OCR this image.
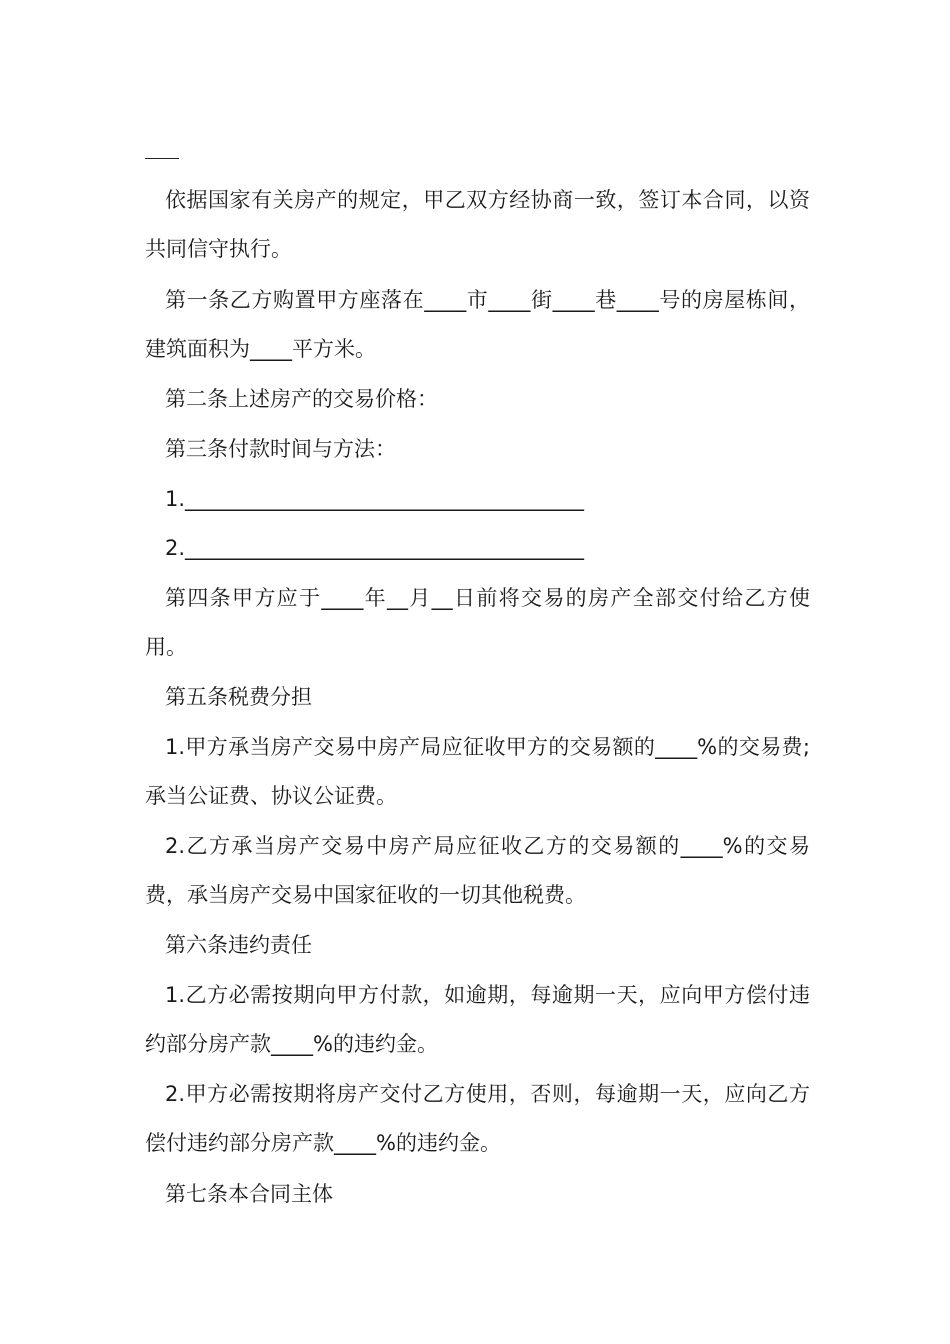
依据国家有关房产的规定，甲乙双方经协商一致，签订本合同，以资共同信守执行。

第一条乙方购置甲方座落在____市____街____巷____号的房屋栋间，建筑面积为____平方米。

第二条上述房产的交易价格：

第三条付款时间与方法：

1.______________________________________

2.______________________________________

第四条甲方应于____年__月__日前将交易的房产全部交付给乙方使用。

第五条税费分担

1.甲方承当房产交易中房产局应征收甲方的交易额的____%的交易费;承当公证费、协议公证费。

2.乙方承当房产交易中房产局应征收乙方的交易额的____%的交易费，承当房产交易中国家征收的一切其他税费。

第六条违约责任

1.乙方必需按期向甲方付款，如逾期，每逾期一天，应向甲方偿付违约部分房产款____%的违约金。

2.甲方必需按期将房产交付乙方使用，否则，每逾期一天，应向乙方偿付违约部分房产款____%的违约金。

第七条本合同主体
